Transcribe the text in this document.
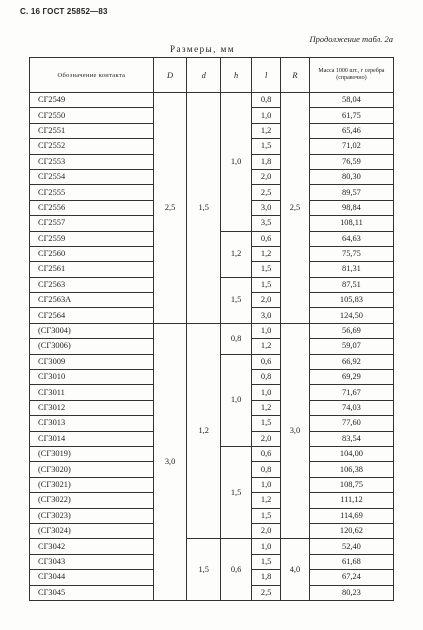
С. 16 ГОСТ 25852—83
Продолжение табл. 2а
Размеры, мм
Обозначение контакта	D	d	h	l	R	Масса 1000 шт., г серебра (справочно)
СГ2549	2,5	1,5	1,0	0,8	2,5	58,04
СГ2550				1,0		61,75
СГ2551				1,2		65,46
СГ2552				1,5		71,02
СГ2553				1,8		76,59
СГ2554				2,0		80,30
СГ2555				2,5		89,57
СГ2556				3,0		98,84
СГ2557				3,5		108,11
СГ2559			1,2	0,6		64,63
СГ2560				1,2		75,75
СГ2561				1,5		81,31
СГ2563			1,5	1,5		87,51
СГ2563А				2,0		105,83
СГ2564				3,0		124,50
(СГ3004)	3,0	1,2	0,8	1,0	3,0	56,69
(СГ3006)				1,2		59,07
СГ3009			1,0	0,6		66,92
СГ3010				0,8		69,29
СГ3011				1,0		71,67
СГ3012				1,2		74,03
СГ3013				1,5		77,60
СГ3014				2,0		83,54
(СГ3019)			1,5	0,6		104,00
(СГ3020)				0,8		106,38
(СГ3021)				1,0		108,75
(СГ3022)				1,2		111,12
(СГ3023)				1,5		114,69
(СГ3024)				2,0		120,62
СГ3042		1,5	0,6	1,0	4,0	52,40
СГ3043				1,5		61,68
СГ3044				1,8		67,24
СГ3045				2,5		80,23
